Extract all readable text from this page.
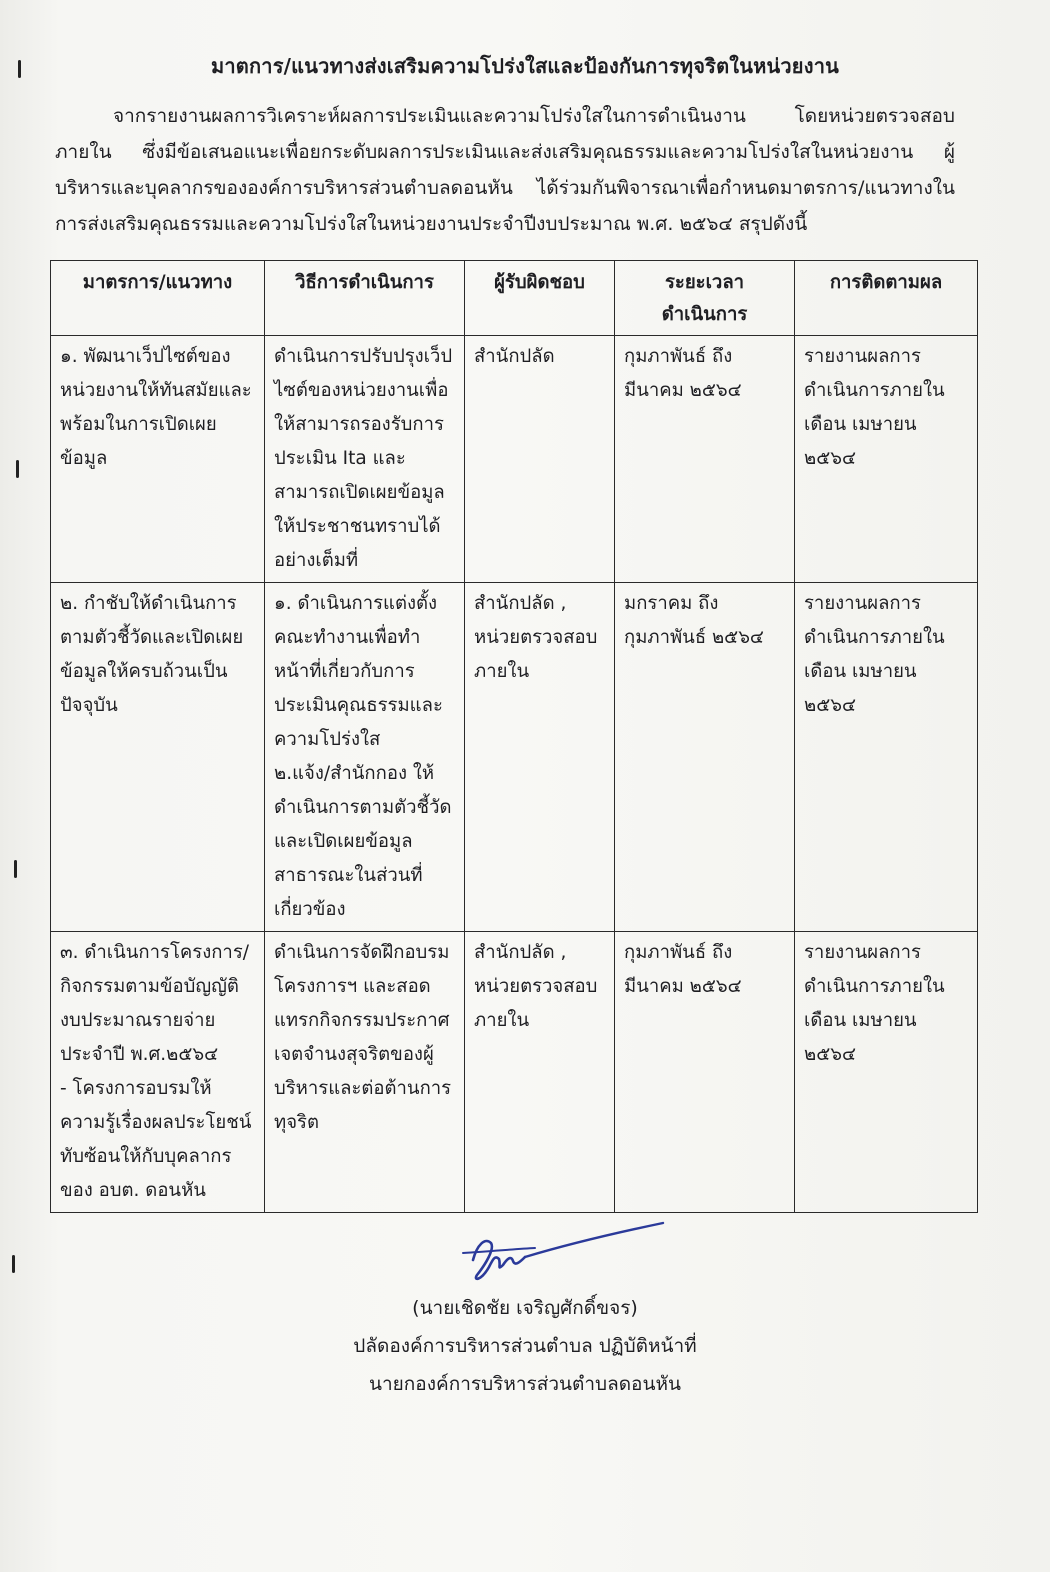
มาตการ/แนวทางส่งเสริมความโปร่งใสและป้องกันการทุจริตในหน่วยงาน
จากรายงานผลการวิเคราะห์ผลการประเมินและความโปร่งใสในการดำเนินงาน โดยหน่วยตรวจสอบภายใน ซึ่งมีข้อเสนอแนะเพื่อยกระดับผลการประเมินและส่งเสริมคุณธรรมและความโปร่งใสในหน่วยงาน ผู้บริหารและบุคลากรขององค์การบริหารส่วนตำบลดอนหัน ได้ร่วมกันพิจารณาเพื่อกำหนดมาตรการ/แนวทางในการส่งเสริมคุณธรรมและความโปร่งใสในหน่วยงานประจำปีงบประมาณ พ.ศ. ๒๕๖๔ สรุปดังนี้
มาตรการ/แนวทาง	วิธีการดำเนินการ	ผู้รับผิดชอบ	ระยะเวลา
ดำเนินการ	การติดตามผล
๑. พัฒนาเว็ปไซต์ของหน่วยงานให้ทันสมัยและพร้อมในการเปิดเผยข้อมูล	ดำเนินการปรับปรุงเว็ปไซต์ของหน่วยงานเพื่อให้สามารถรองรับการประเมิน Ita และสามารถเปิดเผยข้อมูลให้ประชาชนทราบได้อย่างเต็มที่	สำนักปลัด	กุมภาพันธ์ ถึง
มีนาคม ๒๕๖๔	รายงานผลการดำเนินการภายในเดือน เมษายน
๒๕๖๔
๒. กำชับให้ดำเนินการตามตัวชี้วัดและเปิดเผยข้อมูลให้ครบถ้วนเป็นปัจจุบัน	๑. ดำเนินการแต่งตั้งคณะทำงานเพื่อทำหน้าที่เกี่ยวกับการประเมินคุณธรรมและความโปร่งใส
๒.แจ้ง/สำนักกอง ให้ดำเนินการตามตัวชี้วัดและเปิดเผยข้อมูลสาธารณะในส่วนที่เกี่ยวข้อง	สำนักปลัด ,
หน่วยตรวจสอบภายใน	มกราคม ถึง
กุมภาพันธ์ ๒๕๖๔	รายงานผลการดำเนินการภายในเดือน เมษายน
๒๕๖๔
๓. ดำเนินการโครงการ/กิจกรรมตามข้อบัญญัติงบประมาณรายจ่ายประจำปี พ.ศ.๒๕๖๔
- โครงการอบรมให้ความรู้เรื่องผลประโยชน์ทับซ้อนให้กับบุคลากรของ อบต. ดอนหัน	ดำเนินการจัดฝึกอบรมโครงการฯ และสอดแทรกกิจกรรมประกาศเจตจำนงสุจริตของผู้บริหารและต่อต้านการทุจริต	สำนักปลัด ,
หน่วยตรวจสอบภายใน	กุมภาพันธ์ ถึง
มีนาคม ๒๕๖๔	รายงานผลการดำเนินการภายในเดือน เมษายน
๒๕๖๔
(นายเชิดชัย เจริญศักดิ์ขจร)
ปลัดองค์การบริหารส่วนตำบล ปฏิบัติหน้าที่
นายกองค์การบริหารส่วนตำบลดอนหัน
